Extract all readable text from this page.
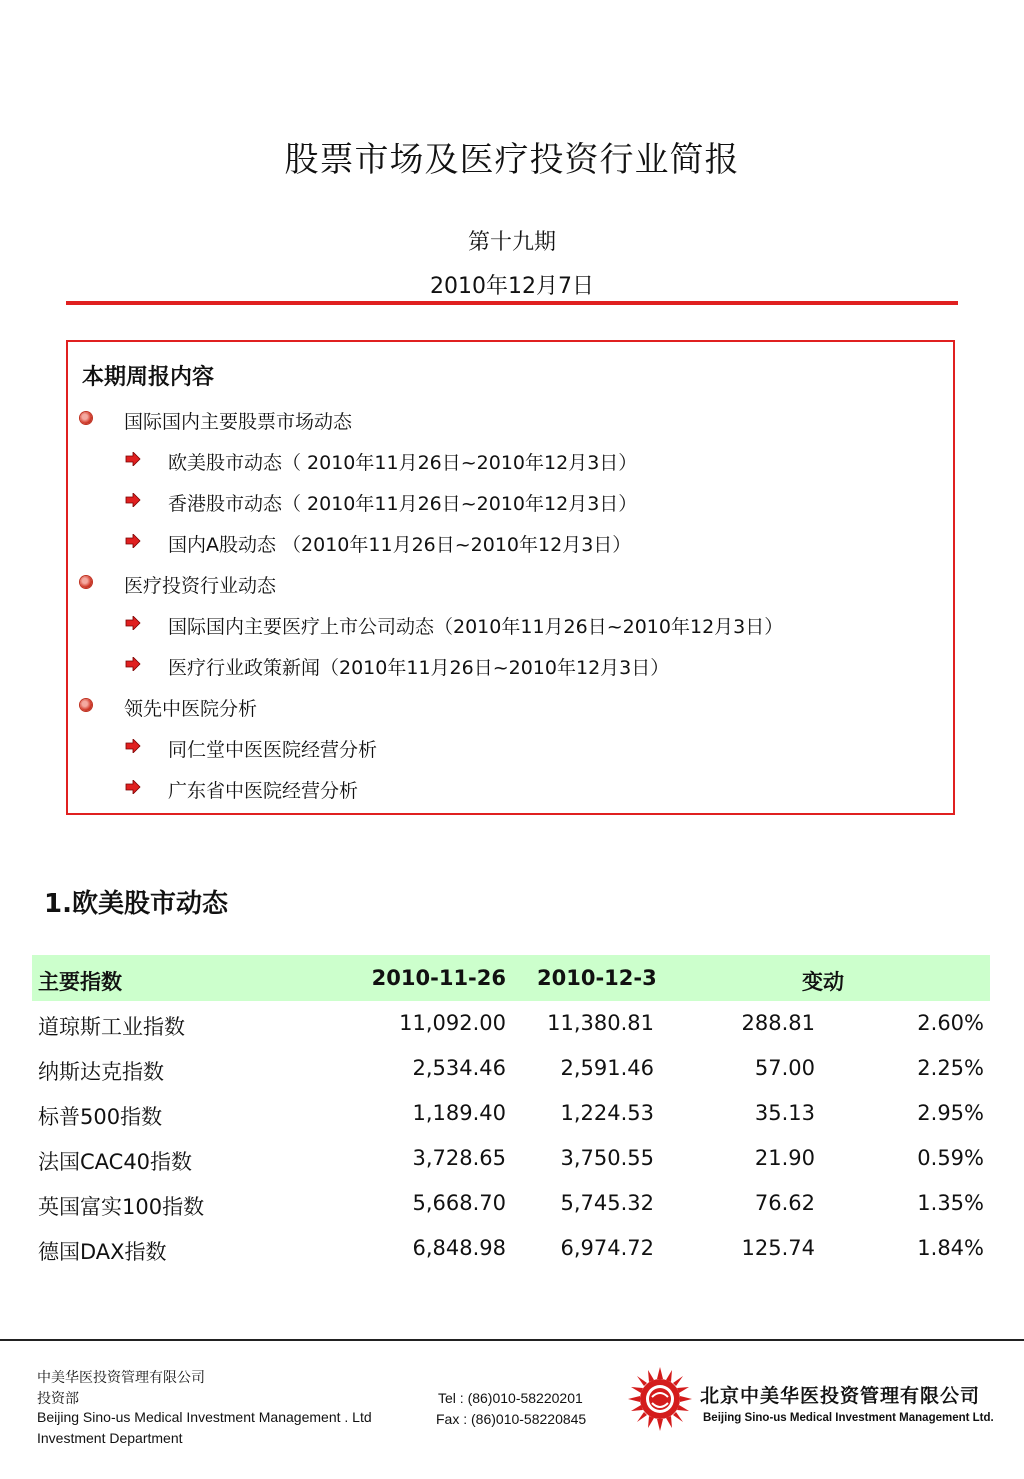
股票市场及医疗投资行业简报
第十九期
2010年12月7日
本期周报内容
国际国内主要股票市场动态
欧美股市动态（ 2010年11月26日~2010年12月3日）
香港股市动态（ 2010年11月26日~2010年12月3日）
国内A股动态 （2010年11月26日~2010年12月3日）
医疗投资行业动态
国际国内主要医疗上市公司动态（2010年11月26日~2010年12月3日）
医疗行业政策新闻（2010年11月26日~2010年12月3日）
领先中医院分析
同仁堂中医医院经营分析
广东省中医院经营分析
1.欧美股市动态
主要指数	2010-11-26 2010-12-3	变动
道琼斯工业指数	11,092.00 11,380.81	288.81	2.60%
纳斯达克指数	2,534.46	2,591.46	57.00	2.25%
标普500指数	1,189.40	1,224.53	35.13	2.95%
法国CAC40指数	3,728.65	3,750.55	21.90	0.59%
英国富实100指数	5,668.70	5,745.32	76.62	1.35%
德国DAX指数	6,848.98	6,974.72	125.74	1.84%
中美华医投资管理有限公司
投资部
Beijing Sino-us Medical Investment Management . Ltd
Investment Department
Tel : (86)010-58220201
Fax : (86)010-58220845
北京中美华医投资管理有限公司
Beijing Sino-us Medical Investment Management Ltd.
